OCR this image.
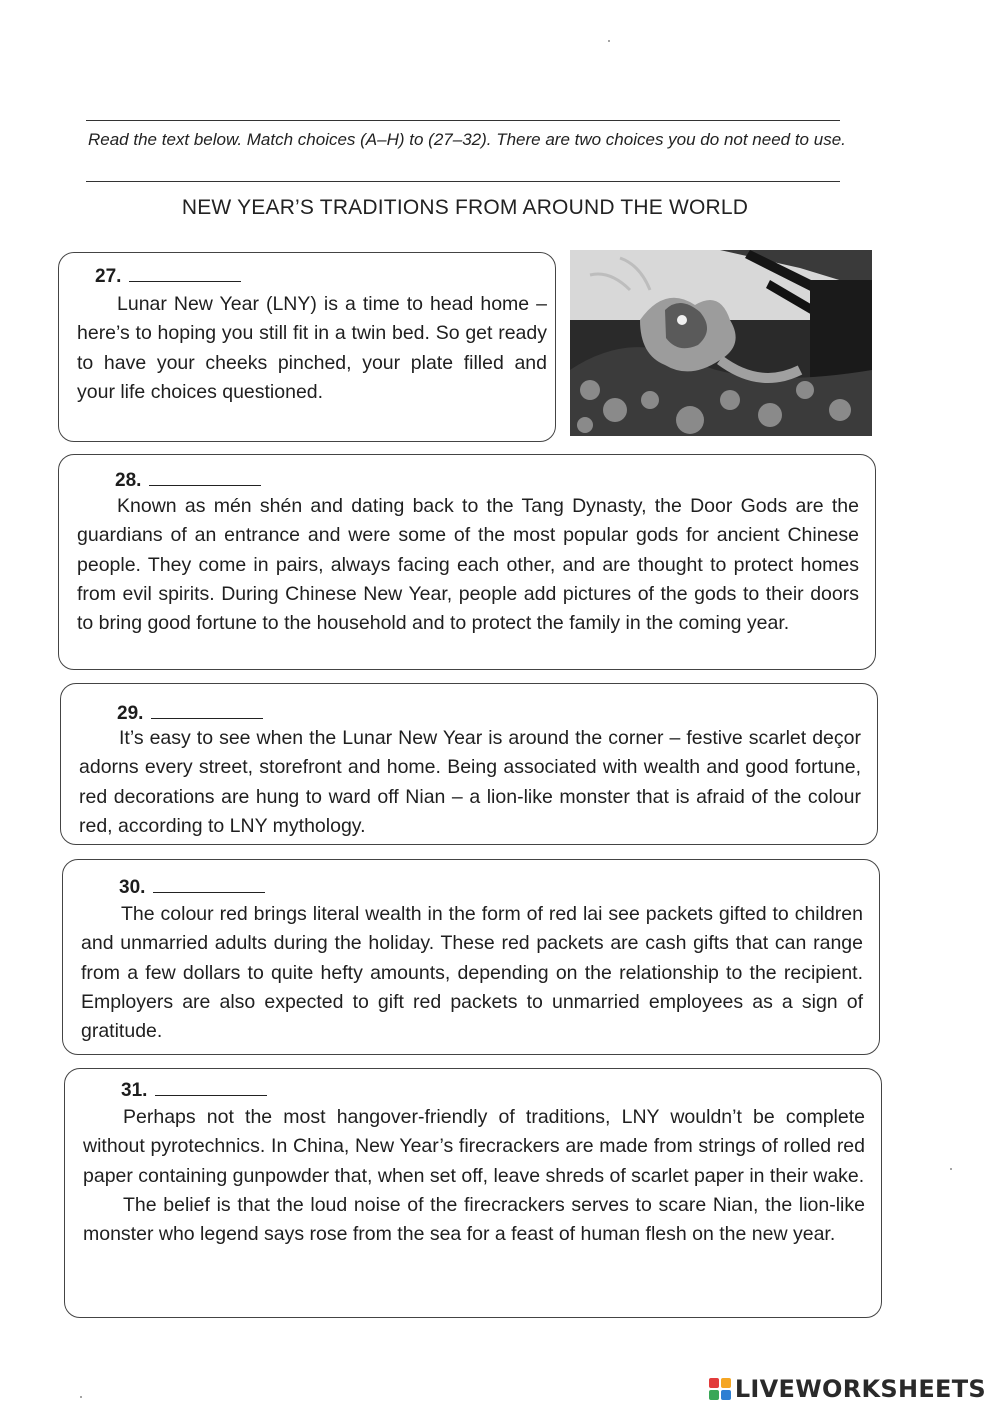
Read the text below. Match choices (A–H) to (27–32). There are two choices you do not need to use.
NEW YEAR’S TRADITIONS FROM AROUND THE WORLD
27.

Lunar New Year (LNY) is a time to head home – here’s to hoping you still fit in a twin bed. So get ready to have your cheeks pinched, your plate filled and your life choices questioned.

28.

Known as mén shén and dating back to the Tang Dynasty, the Door Gods are the guardians of an entrance and were some of the most popular gods for ancient Chinese people. They come in pairs, always facing each other, and are thought to protect homes from evil spirits. During Chinese New Year, people add pictures of the gods to their doors to bring good fortune to the household and to protect the family in the coming year.

29.

It’s easy to see when the Lunar New Year is around the corner – festive scarlet deçor adorns every street, storefront and home. Being associated with wealth and good fortune, red decorations are hung to ward off Nian – a lion-like monster that is afraid of the colour red, according to LNY mythology.

30.

The colour red brings literal wealth in the form of red lai see packets gifted to children and unmarried adults during the holiday. These red packets are cash gifts that can range from a few dollars to quite hefty amounts, depending on the relationship to the recipient. Employers are also expected to gift red packets to unmarried employees as a sign of gratitude.

31.

Perhaps not the most hangover-friendly of traditions, LNY wouldn’t be complete without pyrotechnics. In China, New Year’s firecrackers are made from strings of rolled red paper containing gunpowder that, when set off, leave shreds of scarlet paper in their wake.

The belief is that the loud noise of the firecrackers serves to scare Nian, the lion-like monster who legend says rose from the sea for a feast of human flesh on the new year.

LIVEWORKSHEETS
